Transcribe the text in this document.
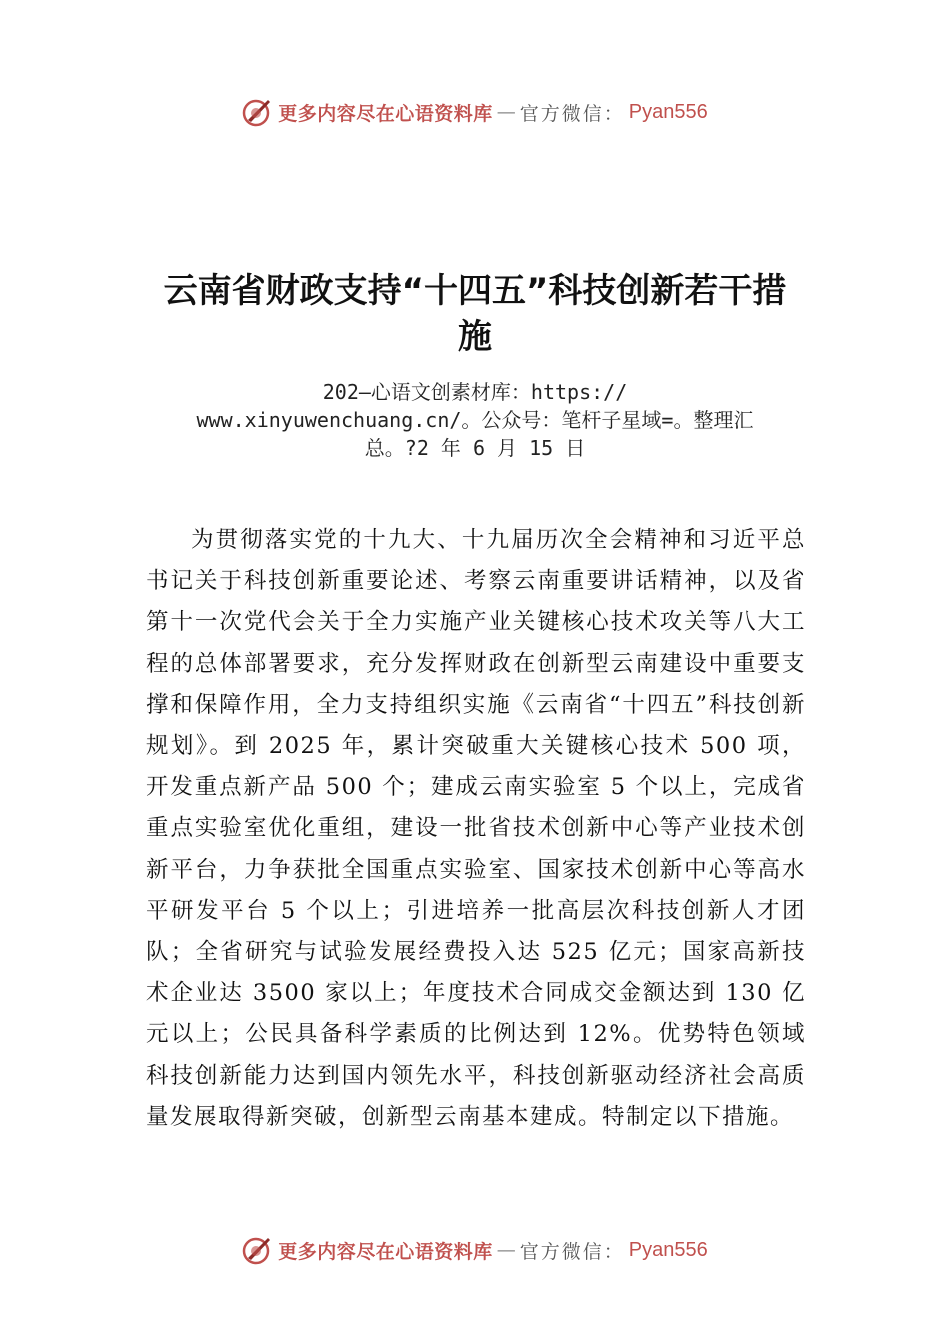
更多内容尽在心语资料库 — 官方微信： Pyan556
云南省财政支持“十四五”科技创新若干措
施
202—心语文创素材库：https://
www.xinyuwenchuang.cn/。公众号：笔杆子星域=。整理汇
总。?2 年 6 月 15 日

为贯彻落实党的十九大、十九届历次全会精神和习近平总书记关于科技创新重要论述、考察云南重要讲话精神，以及省第十一次党代会关于全力实施产业关键核心技术攻关等八大工程的总体部署要求，充分发挥财政在创新型云南建设中重要支撑和保障作用，全力支持组织实施《云南省“十四五”科技创新规划》。到 2025 年，累计突破重大关键核心技术 500 项，开发重点新产品 500 个；建成云南实验室 5 个以上，完成省重点实验室优化重组，建设一批省技术创新中心等产业技术创新平台，力争获批全国重点实验室、国家技术创新中心等高水平研发平台 5 个以上；引进培养一批高层次科技创新人才团队；全省研究与试验发展经费投入达 525 亿元；国家高新技术企业达 3500 家以上；年度技术合同成交金额达到 130 亿元以上；公民具备科学素质的比例达到 12%。优势特色领域科技创新能力达到国内领先水平，科技创新驱动经济社会高质量发展取得新突破，创新型云南基本建成。特制定以下措施。

更多内容尽在心语资料库 — 官方微信： Pyan556
